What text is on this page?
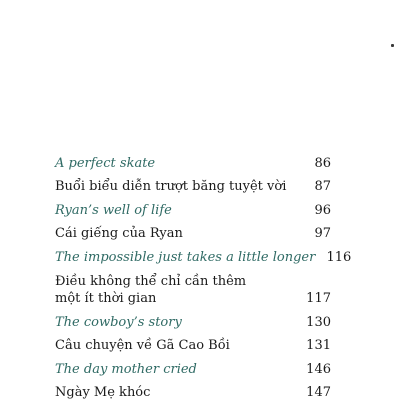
A perfect skate	86
Buổi biểu diễn trượt băng tuyệt vời	87
Ryan’s well of life	96
Cái giếng của Ryan	97
The impossible just takes a little longer 116
Điều không thể chỉ cần thêm
một ít thời gian	117
The cowboy’s story	130
Câu chuyện về Gã Cao Bồi	131
The day mother cried	146
Ngày Mẹ khóc	147
